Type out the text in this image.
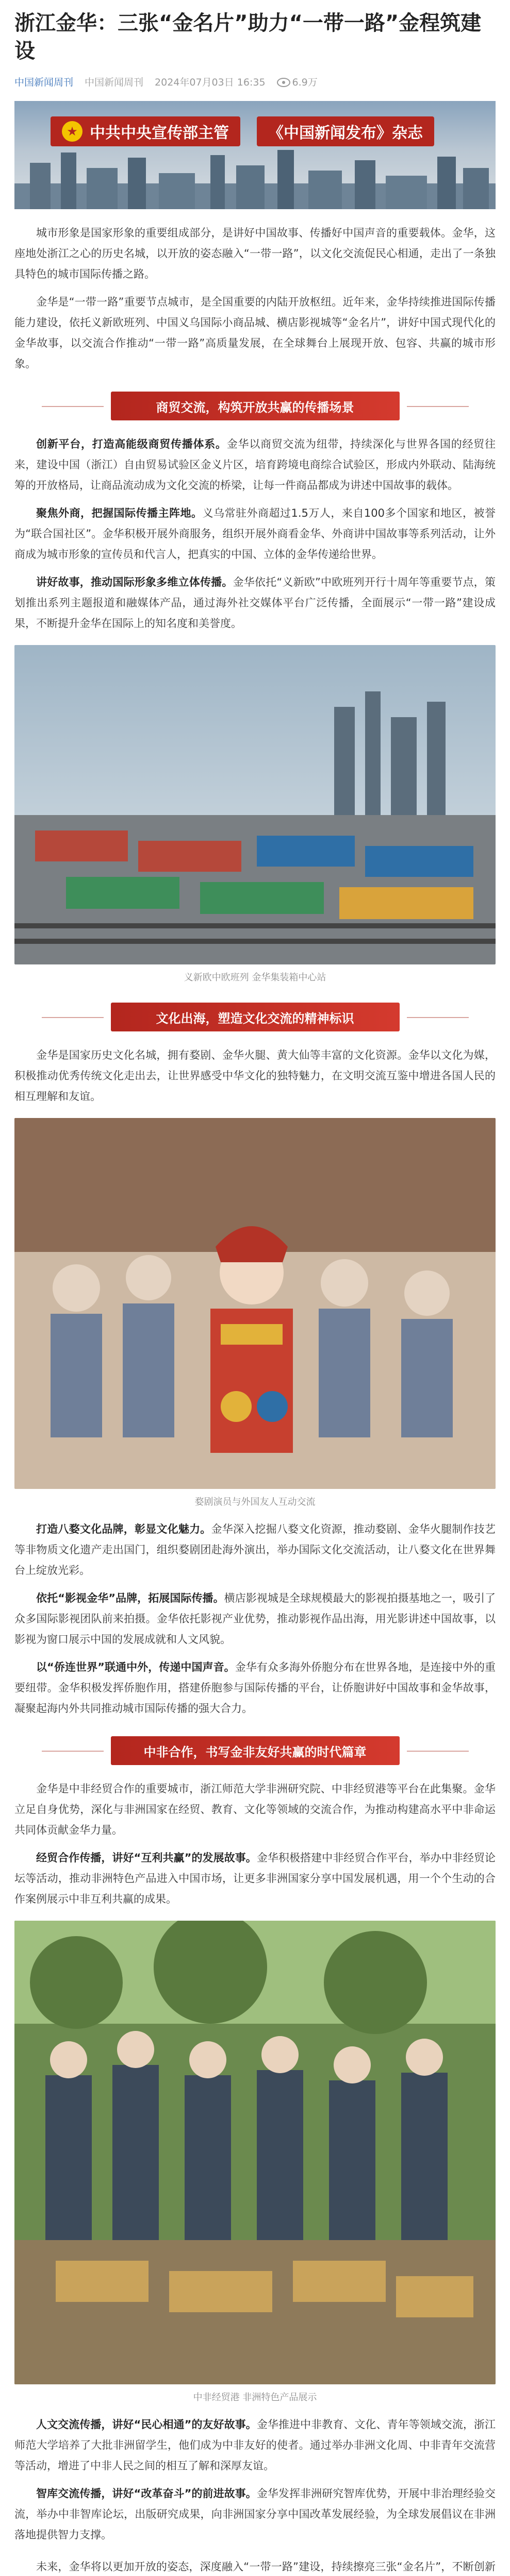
浙江金华：三张“金名片”助力“一带一路”金程筑建设
中国新闻周刊 中国新闻周刊 2024年07月03日 16:35	6.9万
★ 中共中央宣传部主管	《中国新闻发布》杂志

城市形象是国家形象的重要组成部分，是讲好中国故事、传播好中国声音的重要载体。金华，这座地处浙江之心的历史名城，以开放的姿态融入“一带一路”，以文化交流促民心相通，走出了一条独具特色的城市国际传播之路。

金华是“一带一路”重要节点城市，是全国重要的内陆开放枢纽。近年来，金华持续推进国际传播能力建设，依托义新欧班列、中国义乌国际小商品城、横店影视城等“金名片”，讲好中国式现代化的金华故事，以交流合作推动“一带一路”高质量发展，在全球舞台上展现开放、包容、共赢的城市形象。

商贸交流，构筑开放共赢的传播场景

创新平台，打造高能级商贸传播体系。金华以商贸交流为纽带，持续深化与世界各国的经贸往来，建设中国（浙江）自由贸易试验区金义片区，培育跨境电商综合试验区，形成内外联动、陆海统筹的开放格局，让商品流动成为文化交流的桥梁，让每一件商品都成为讲述中国故事的载体。

聚焦外商，把握国际传播主阵地。义乌常驻外商超过1.5万人，来自100多个国家和地区，被誉为“联合国社区”。金华积极开展外商服务，组织开展外商看金华、外商讲中国故事等系列活动，让外商成为城市形象的宣传员和代言人，把真实的中国、立体的金华传递给世界。

讲好故事，推动国际形象多维立体传播。金华依托“义新欧”中欧班列开行十周年等重要节点，策划推出系列主题报道和融媒体产品，通过海外社交媒体平台广泛传播，全面展示“一带一路”建设成果，不断提升金华在国际上的知名度和美誉度。

义新欧中欧班列 金华集装箱中心站
文化出海，塑造文化交流的精神标识

金华是国家历史文化名城，拥有婺剧、金华火腿、黄大仙等丰富的文化资源。金华以文化为媒，积极推动优秀传统文化走出去，让世界感受中华文化的独特魅力，在文明交流互鉴中增进各国人民的相互理解和友谊。

婺剧演员与外国友人互动交流

打造八婺文化品牌，彰显文化魅力。金华深入挖掘八婺文化资源，推动婺剧、金华火腿制作技艺等非物质文化遗产走出国门，组织婺剧团赴海外演出，举办国际文化交流活动，让八婺文化在世界舞台上绽放光彩。

依托“影视金华”品牌，拓展国际传播。横店影视城是全球规模最大的影视拍摄基地之一，吸引了众多国际影视团队前来拍摄。金华依托影视产业优势，推动影视作品出海，用光影讲述中国故事，以影视为窗口展示中国的发展成就和人文风貌。

以“侨连世界”联通中外，传递中国声音。金华有众多海外侨胞分布在世界各地，是连接中外的重要纽带。金华积极发挥侨胞作用，搭建侨胞参与国际传播的平台，让侨胞讲好中国故事和金华故事，凝聚起海内外共同推动城市国际传播的强大合力。

中非合作，书写金非友好共赢的时代篇章

金华是中非经贸合作的重要城市，浙江师范大学非洲研究院、中非经贸港等平台在此集聚。金华立足自身优势，深化与非洲国家在经贸、教育、文化等领域的交流合作，为推动构建高水平中非命运共同体贡献金华力量。

经贸合作传播，讲好“互利共赢”的发展故事。金华积极搭建中非经贸合作平台，举办中非经贸论坛等活动，推动非洲特色产品进入中国市场，让更多非洲国家分享中国发展机遇，用一个个生动的合作案例展示中非互利共赢的成果。

中非经贸港 非洲特色产品展示

人文交流传播，讲好“民心相通”的友好故事。金华推进中非教育、文化、青年等领域交流，浙江师范大学培养了大批非洲留学生，他们成为中非友好的使者。通过举办非洲文化周、中非青年交流营等活动，增进了中非人民之间的相互了解和深厚友谊。

智库交流传播，讲好“改革奋斗”的前进故事。金华发挥非洲研究智库优势，开展中非治理经验交流，举办中非智库论坛，出版研究成果，向非洲国家分享中国改革发展经验，为全球发展倡议在非洲落地提供智力支撑。

未来，金华将以更加开放的姿态，深度融入“一带一路”建设，持续擦亮三张“金名片”，不断创新
